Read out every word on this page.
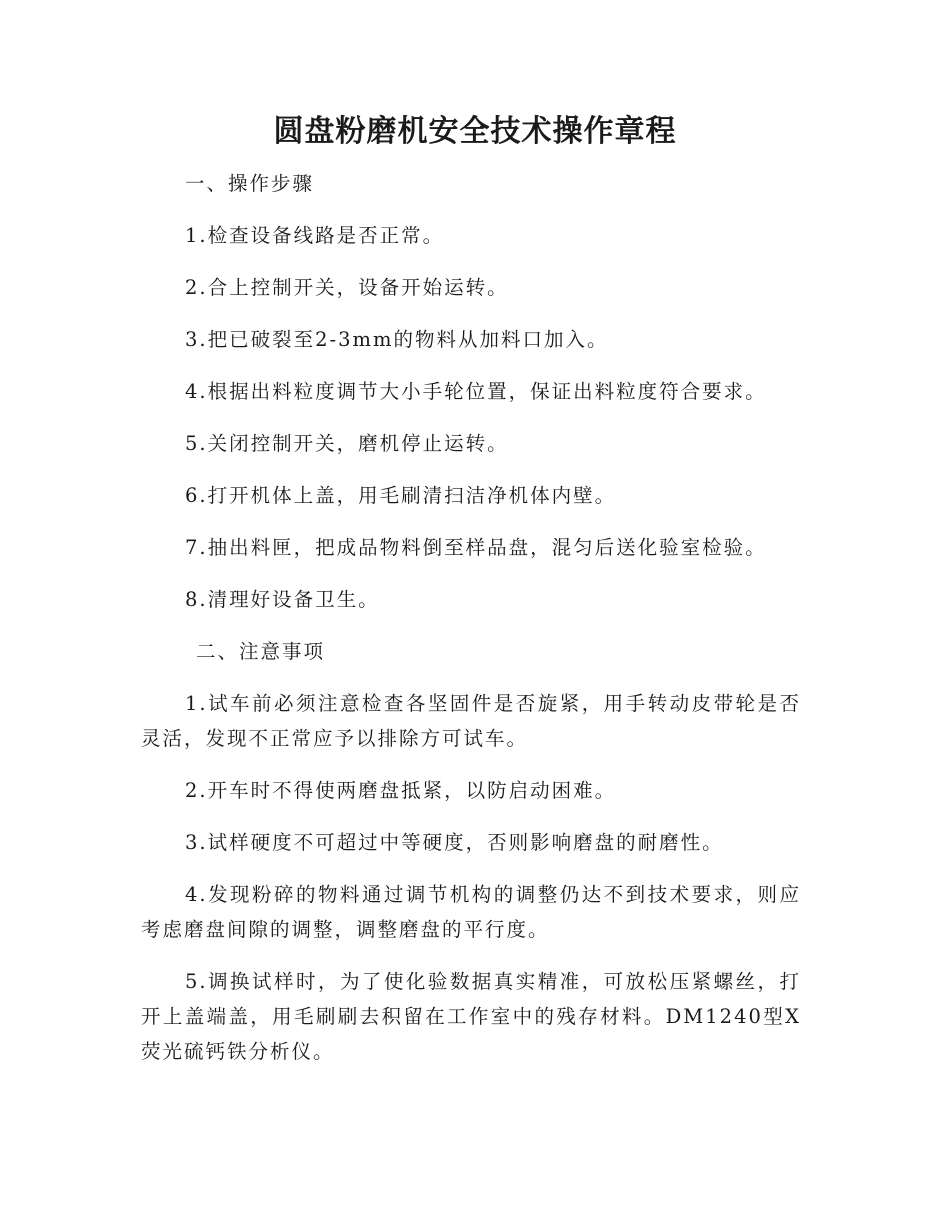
圆盘粉磨机安全技术操作章程

一、操作步骤

1.检查设备线路是否正常。

2.合上控制开关，设备开始运转。

3.把已破裂至2-3mm的物料从加料口加入。

4.根据出料粒度调节大小手轮位置，保证出料粒度符合要求。

5.关闭控制开关，磨机停止运转。

6.打开机体上盖，用毛刷清扫洁净机体内壁。

7.抽出料匣，把成品物料倒至样品盘，混匀后送化验室检验。

8.清理好设备卫生。

二、注意事项

1.试车前必须注意检查各坚固件是否旋紧，用手转动皮带轮是否灵活，发现不正常应予以排除方可试车。

2.开车时不得使两磨盘抵紧，以防启动困难。

3.试样硬度不可超过中等硬度，否则影响磨盘的耐磨性。

4.发现粉碎的物料通过调节机构的调整仍达不到技术要求，则应考虑磨盘间隙的调整，调整磨盘的平行度。

5.调换试样时，为了使化验数据真实精准，可放松压紧螺丝，打开上盖端盖，用毛刷刷去积留在工作室中的残存材料。DM1240型X荧光硫钙铁分析仪。
